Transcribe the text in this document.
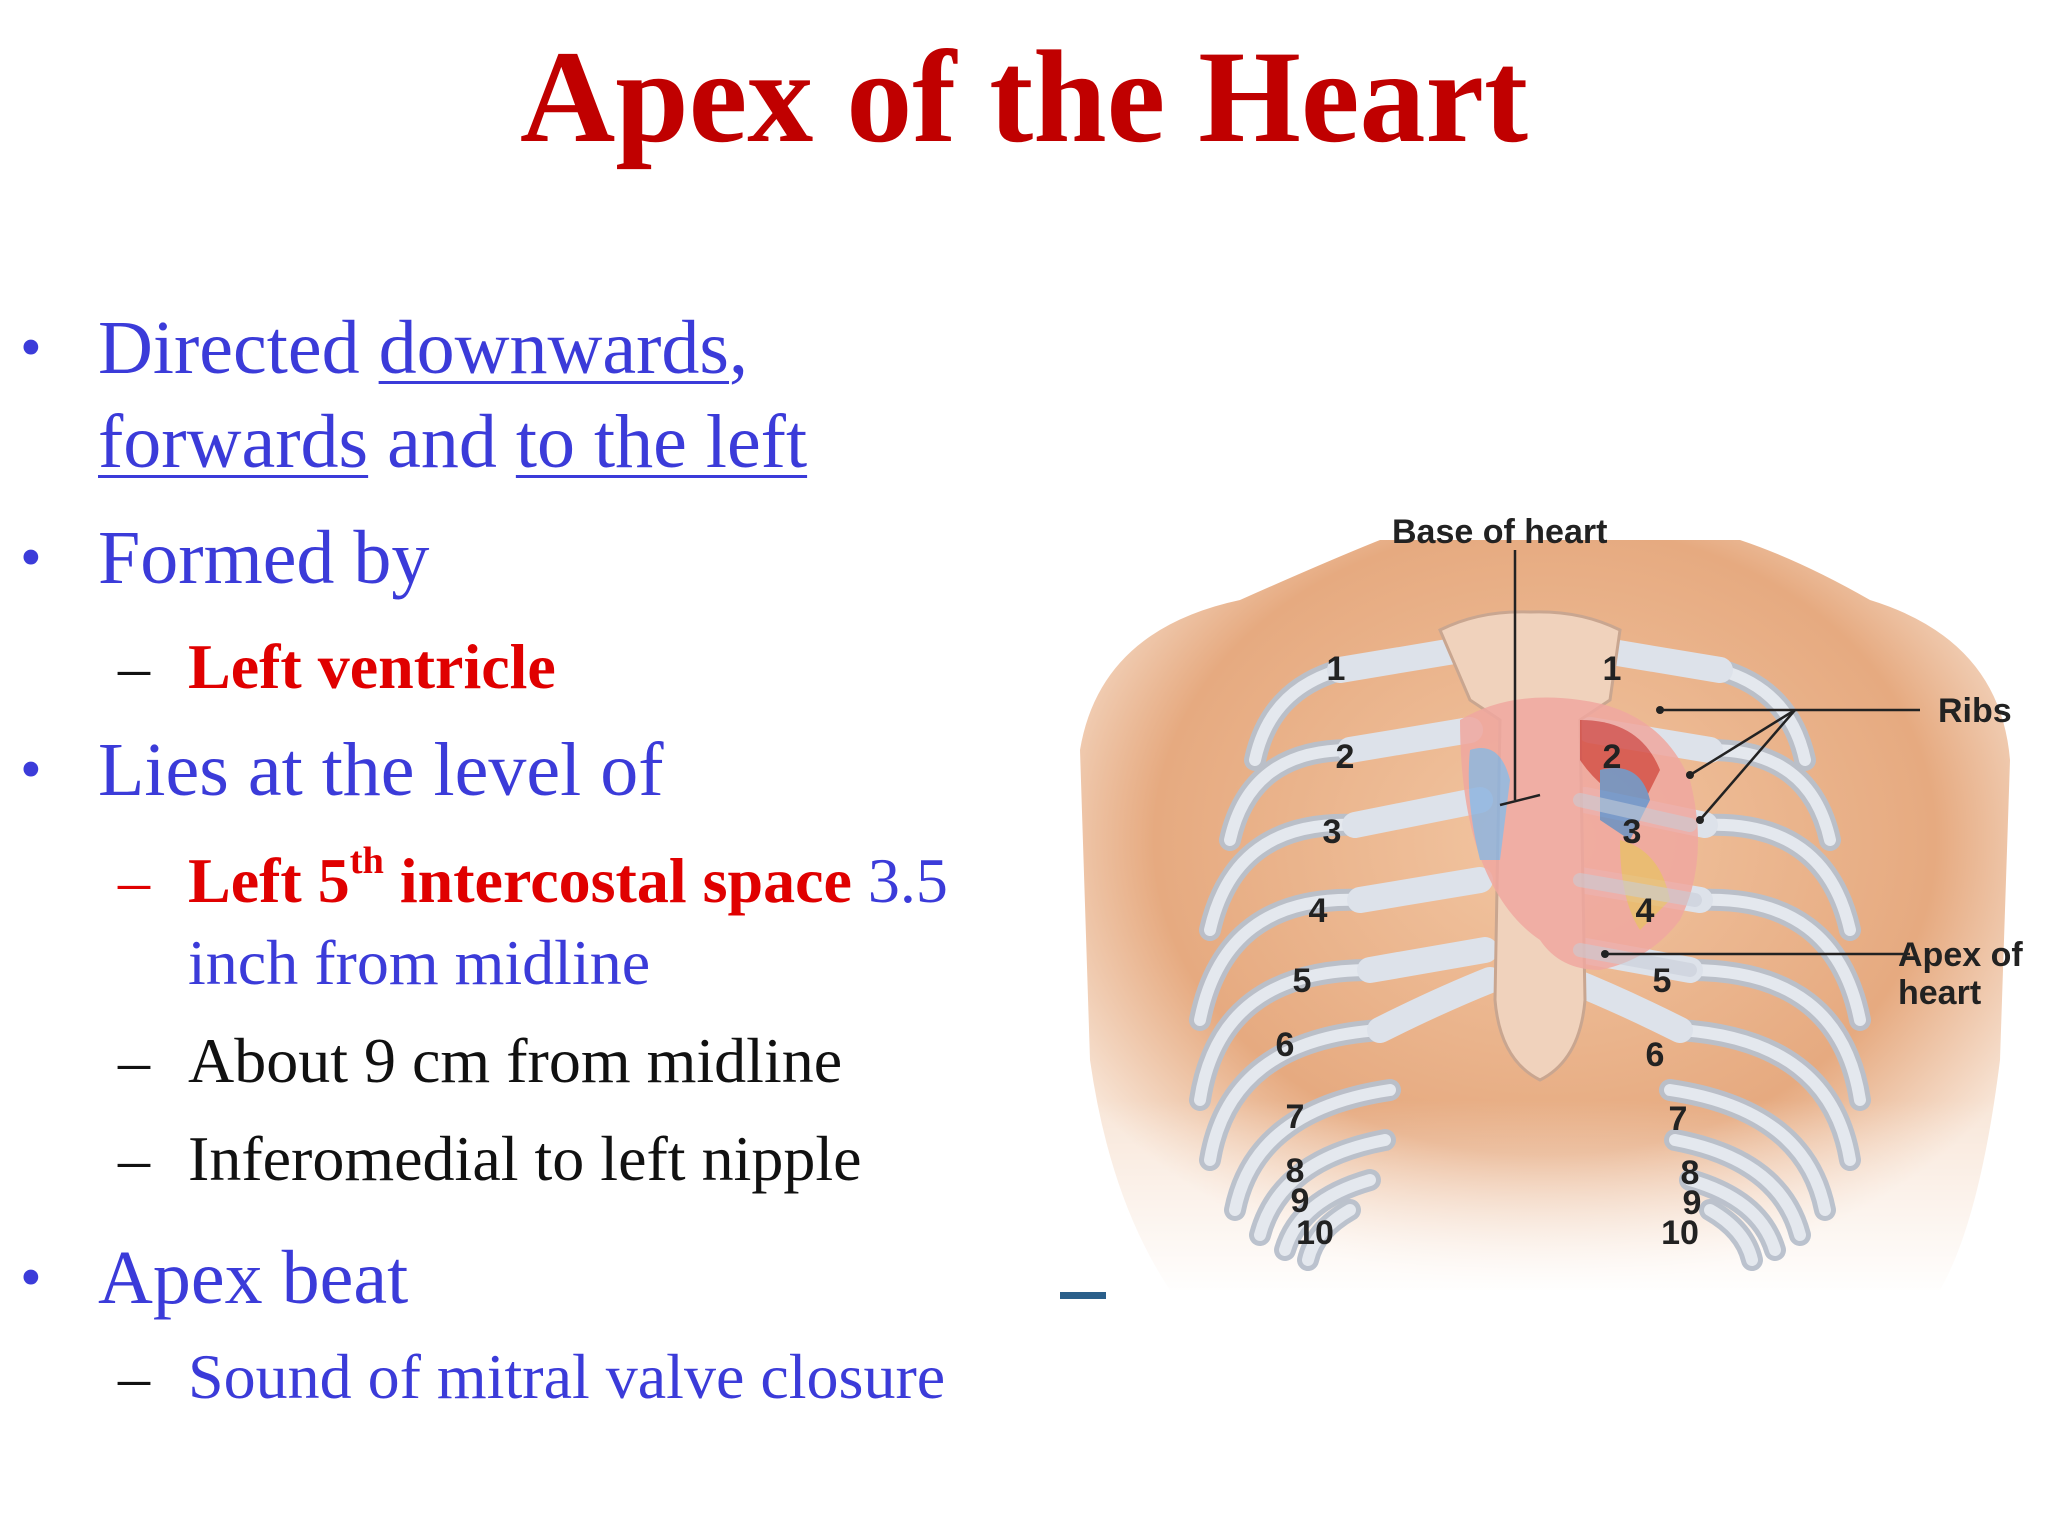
Apex of the Heart
• Directed downwards,
forwards and to the left
• Formed by
– Left ventricle
• Lies at the level of
– Left 5th intercostal space 3.5
inch from midline
– About 9 cm from midline
– Inferomedial to left nipple
• Apex beat
– Sound of mitral valve closure
1
2
3
4
5
6
7
8
9
10
1
2
3
4
5
6
7
8
9
10
Base of heart
Ribs
Apex of
heart
